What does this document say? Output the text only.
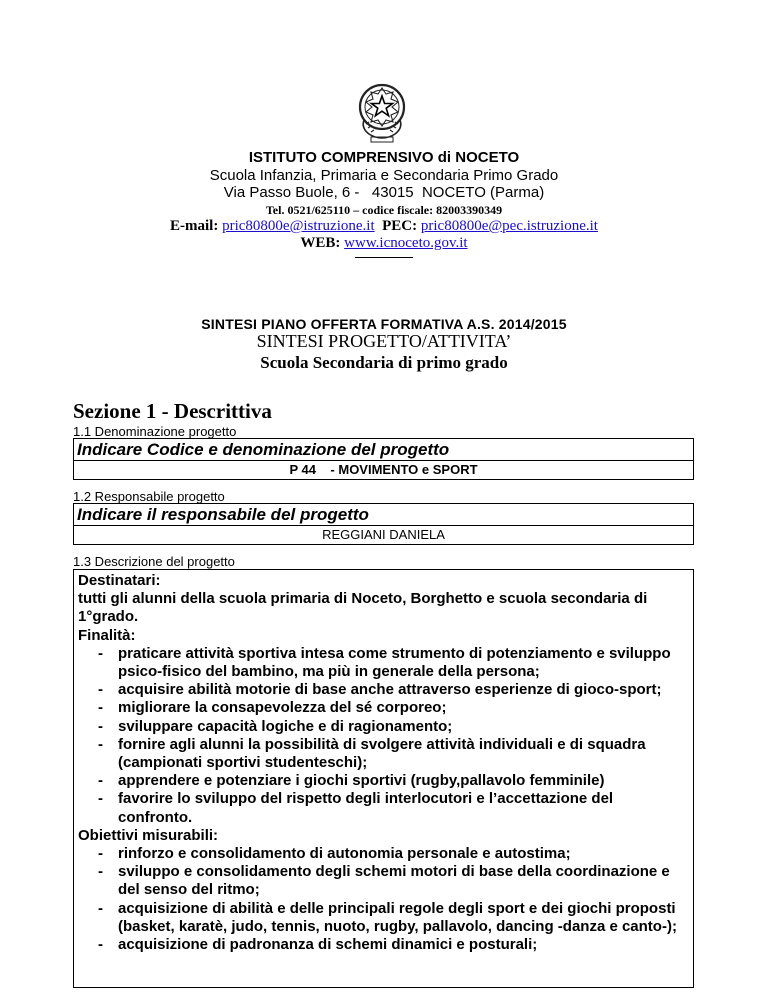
ISTITUTO COMPRENSIVO di NOCETO
Scuola Infanzia, Primaria e Secondaria Primo Grado
Via Passo Buole, 6 -   43015  NOCETO (Parma)
Tel. 0521/625110 – codice fiscale: 82003390349
E-mail: pric80800e@istruzione.it PEC: pric80800e@pec.istruzione.it
WEB: www.icnoceto.gov.it
SINTESI PIANO OFFERTA FORMATIVA A.S. 2014/2015
SINTESI PROGETTO/ATTIVITA’
Scuola Secondaria di primo grado
Sezione 1 - Descrittiva
1.1 Denominazione progetto
Indicare Codice e denominazione del progetto
P 44    - MOVIMENTO e SPORT
1.2 Responsabile progetto
Indicare il responsabile del progetto
REGGIANI DANIELA
1.3 Descrizione del progetto
Destinatari:
tutti gli alunni della scuola primaria di Noceto, Borghetto e scuola secondaria di 1°grado.
Finalità:
- praticare attività sportiva intesa come strumento di potenziamento e sviluppo psico-fisico del bambino, ma più in generale della persona;
- acquisire abilità motorie di base anche attraverso esperienze di gioco-sport;
- migliorare la consapevolezza del sé corporeo;
- sviluppare capacità logiche e di ragionamento;
- fornire agli alunni la possibilità di svolgere attività individuali e di squadra (campionati sportivi studenteschi);
- apprendere e potenziare i giochi sportivi (rugby,pallavolo femminile)
- favorire lo sviluppo del rispetto degli interlocutori e l’accettazione del confronto.
Obiettivi misurabili:
- rinforzo e consolidamento di autonomia personale e autostima;
- sviluppo e consolidamento degli schemi motori di base della coordinazione e del senso del ritmo;
- acquisizione di abilità e delle principali regole degli sport e dei giochi proposti (basket, karatè, judo, tennis, nuoto, rugby, pallavolo, dancing -danza e canto-);
- acquisizione di padronanza di schemi dinamici e posturali;
